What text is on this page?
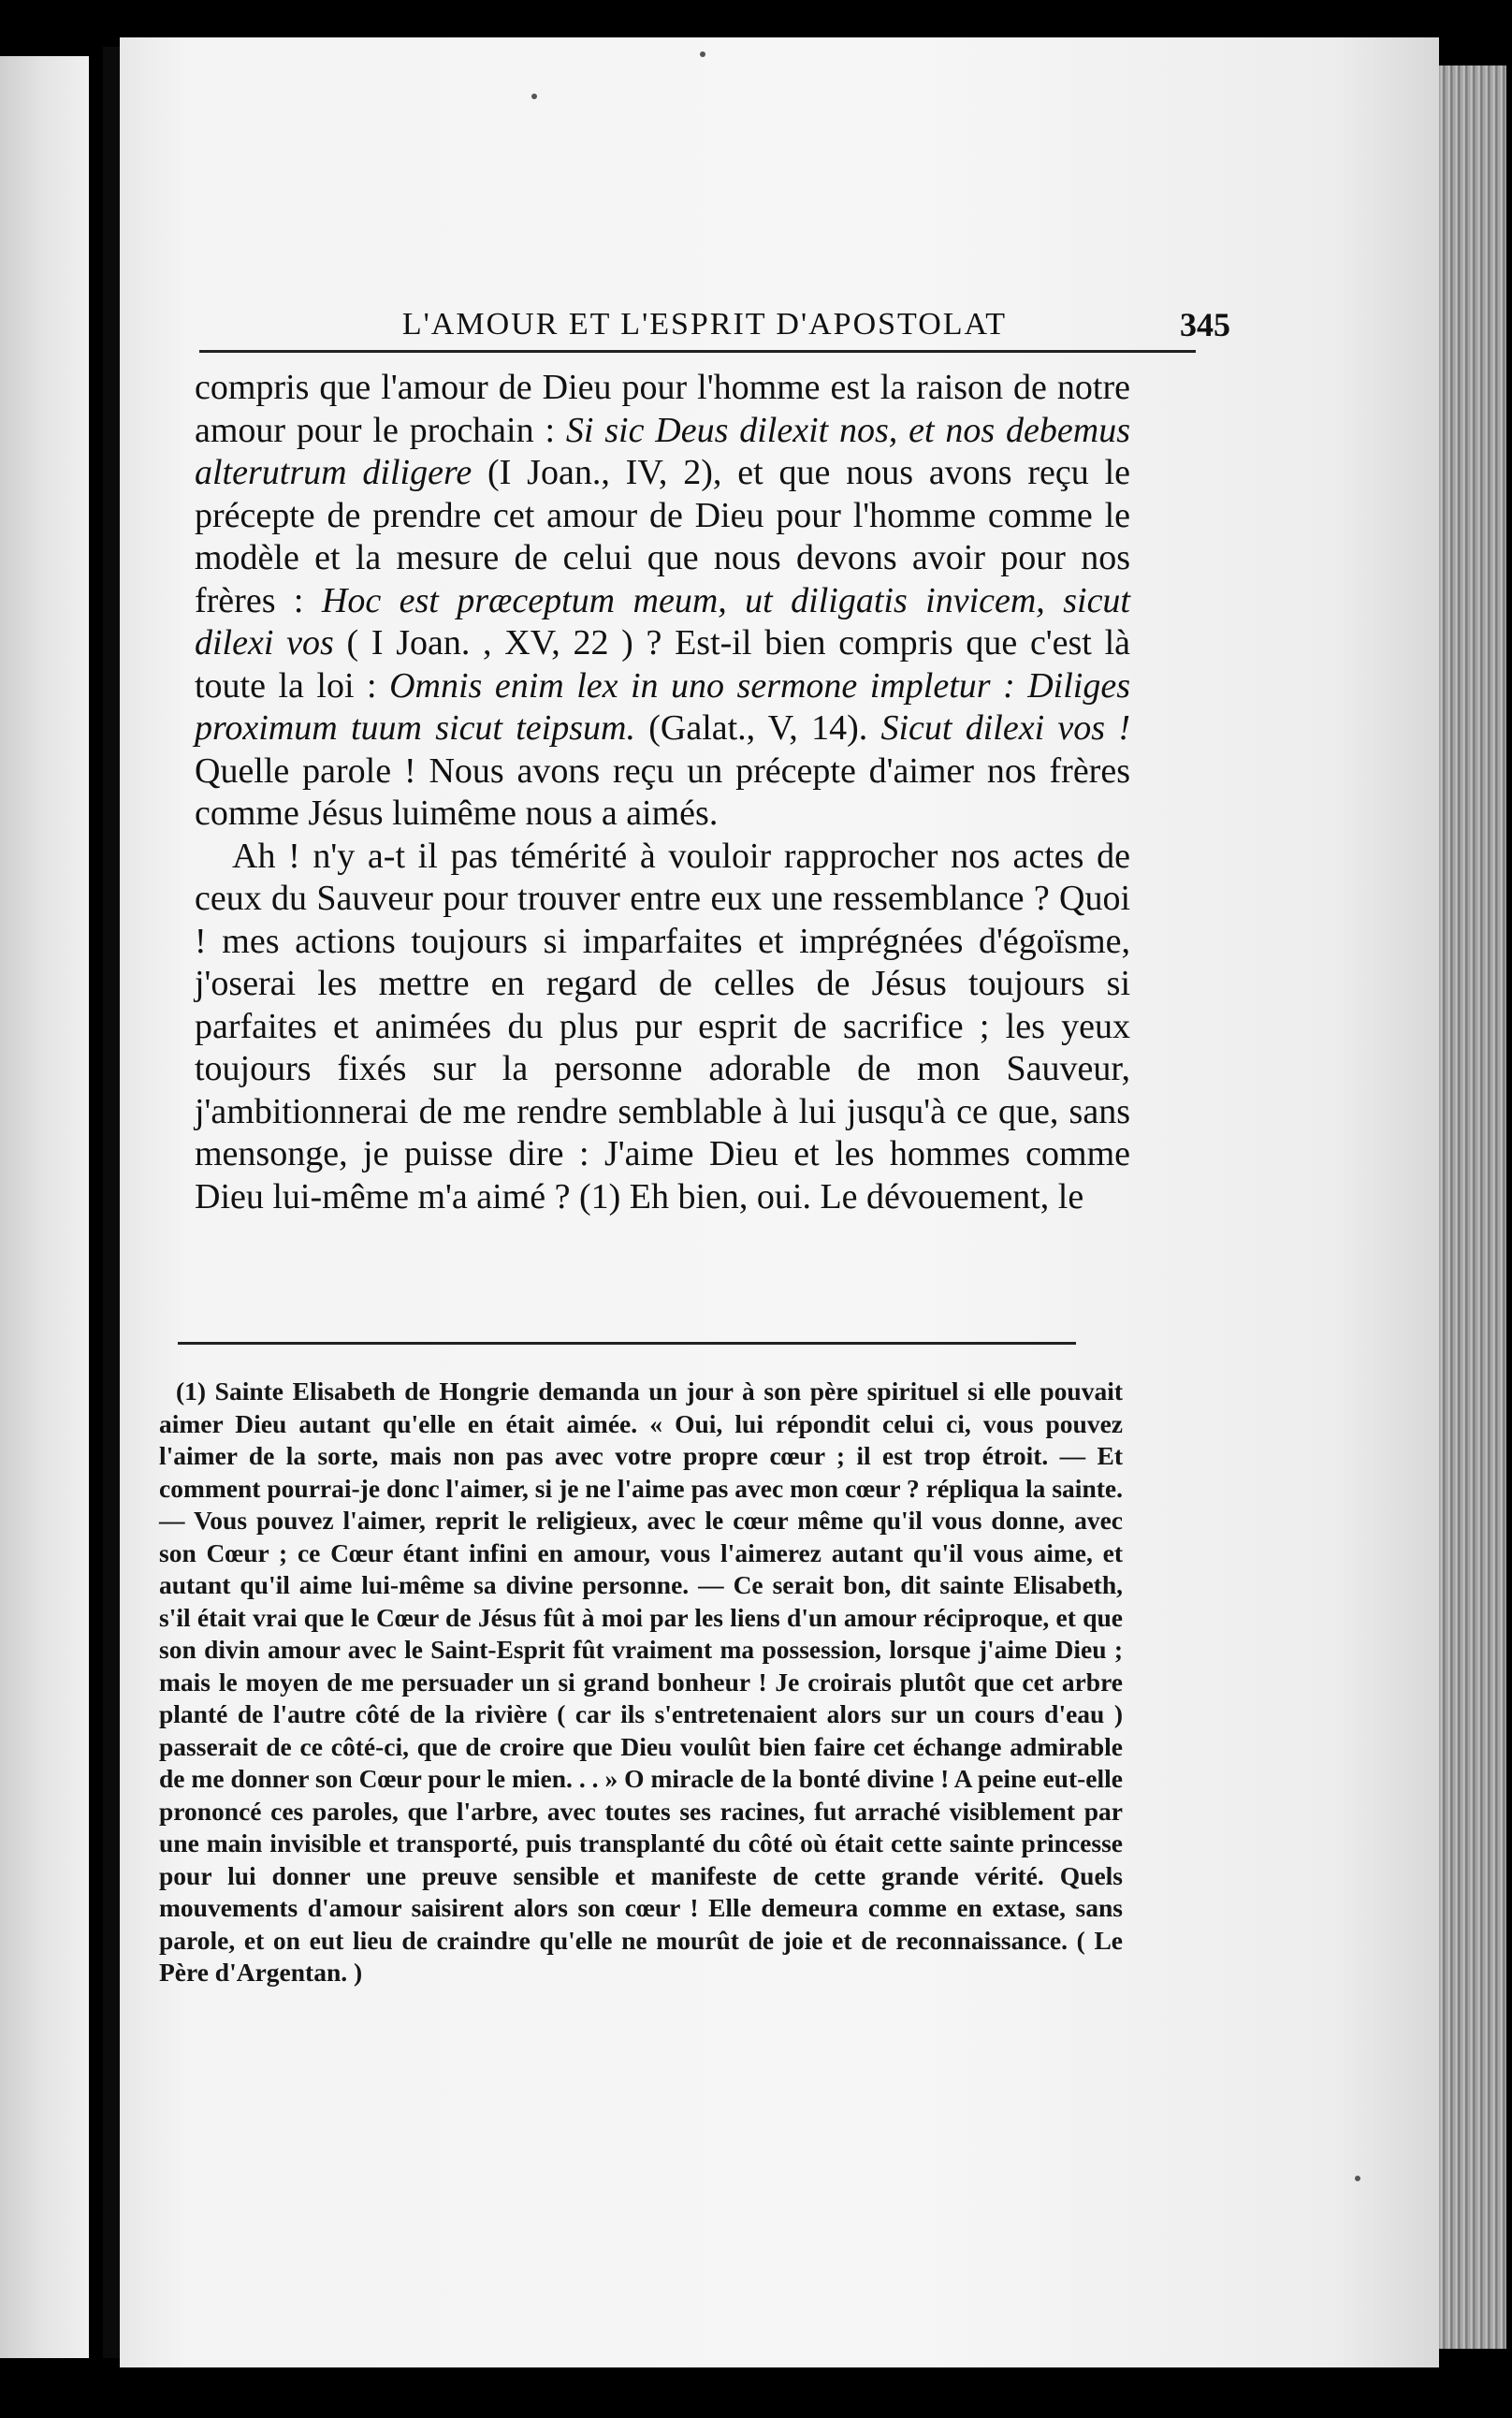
L'AMOUR ET L'ESPRIT D'APOSTOLAT	345

compris que l'amour de Dieu pour l'homme est la raison de notre amour pour le prochain : Si sic Deus dilexit nos, et nos debemus alterutrum diligere (I Joan., IV, 2), et que nous avons reçu le précepte de prendre cet amour de Dieu pour l'homme comme le modèle et la mesure de celui que nous devons avoir pour nos frères : Hoc est præceptum meum, ut diligatis invicem, sicut dilexi vos ( I Joan. , XV, 22 ) ? Est-il bien compris que c'est là toute la loi : Omnis enim lex in uno sermone impletur : Diliges proximum tuum sicut teipsum. (Galat., V, 14). Sicut dilexi vos ! Quelle parole ! Nous avons reçu un précepte d'aimer nos frères comme Jésus luimême nous a aimés.

Ah ! n'y a-t il pas témérité à vouloir rapprocher nos actes de ceux du Sauveur pour trouver entre eux une ressemblance ? Quoi ! mes actions toujours si imparfaites et imprégnées d'égoïsme, j'oserai les mettre en regard de celles de Jésus toujours si parfaites et animées du plus pur esprit de sacrifice ; les yeux toujours fixés sur la personne adorable de mon Sauveur, j'ambitionnerai de me rendre semblable à lui jusqu'à ce que, sans mensonge, je puisse dire : J'aime Dieu et les hommes comme Dieu lui-même m'a aimé ? (1) Eh bien, oui. Le dévouement, le

(1) Sainte Elisabeth de Hongrie demanda un jour à son père spirituel si elle pouvait aimer Dieu autant qu'elle en était aimée. « Oui, lui répondit celui ci, vous pouvez l'aimer de la sorte, mais non pas avec votre propre cœur ; il est trop étroit. — Et comment pourrai-je donc l'aimer, si je ne l'aime pas avec mon cœur ? répliqua la sainte. — Vous pouvez l'aimer, reprit le religieux, avec le cœur même qu'il vous donne, avec son Cœur ; ce Cœur étant infini en amour, vous l'aimerez autant qu'il vous aime, et autant qu'il aime lui-même sa divine personne. — Ce serait bon, dit sainte Elisabeth, s'il était vrai que le Cœur de Jésus fût à moi par les liens d'un amour réciproque, et que son divin amour avec le Saint-Esprit fût vraiment ma possession, lorsque j'aime Dieu ; mais le moyen de me persuader un si grand bonheur ! Je croirais plutôt que cet arbre planté de l'autre côté de la rivière ( car ils s'entretenaient alors sur un cours d'eau ) passerait de ce côté-ci, que de croire que Dieu voulût bien faire cet échange admirable de me donner son Cœur pour le mien. . . » O miracle de la bonté divine ! A peine eut-elle prononcé ces paroles, que l'arbre, avec toutes ses racines, fut arraché visiblement par une main invisible et transporté, puis transplanté du côté où était cette sainte princesse pour lui donner une preuve sensible et manifeste de cette grande vérité. Quels mouvements d'amour saisirent alors son cœur ! Elle demeura comme en extase, sans parole, et on eut lieu de craindre qu'elle ne mourût de joie et de reconnaissance. ( Le Père d'Argentan. )
